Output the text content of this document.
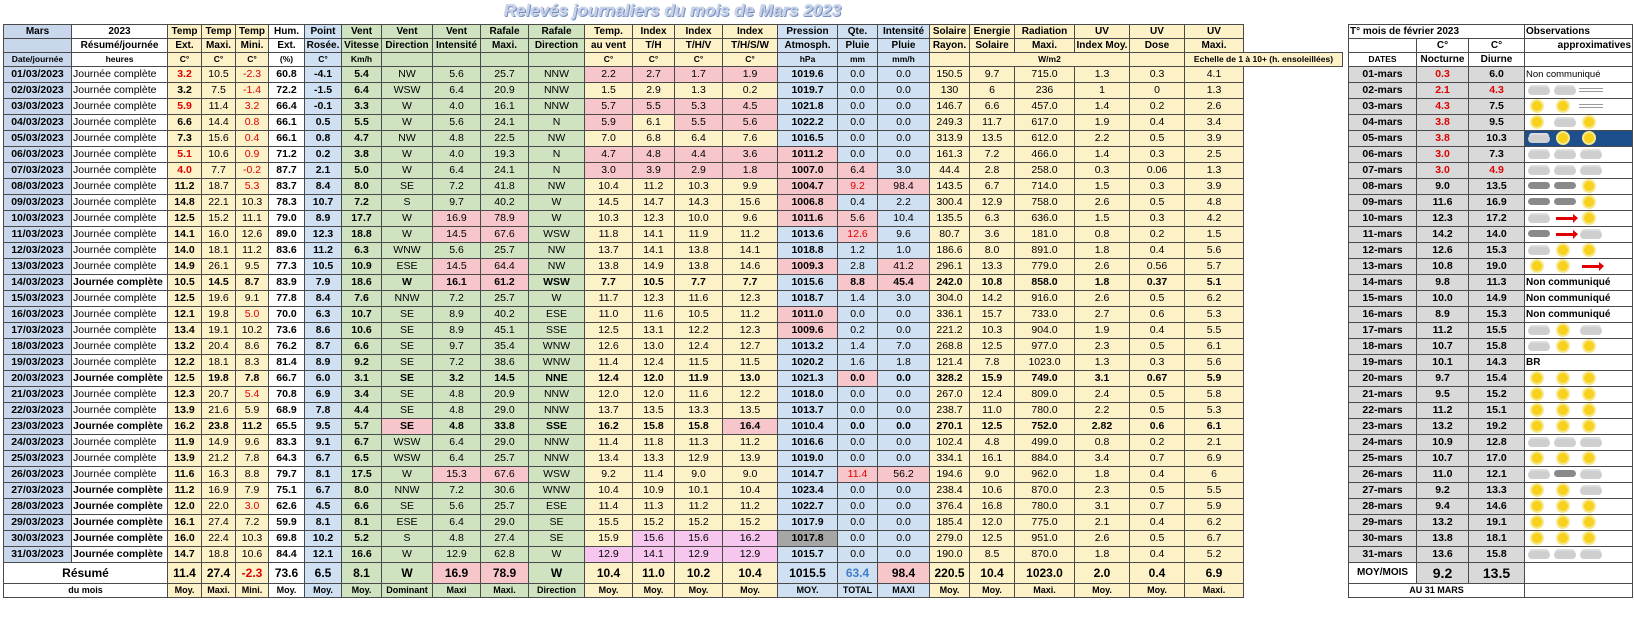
Relevés journaliers du mois de Mars 2023
Mars	2023	Temp	Temp	Temp	Hum.	Point	Vent	Vent	Vent	Rafale	Rafale	Temp.	Index	Index	Index	Pression	Qte.	Intensité	Solaire	Energie	Radiation	UV	UV	UV
	Résumé/journée	Ext.	Maxi.	Mini.	Ext.	Rosée.	Vitesse	Direction	Intensité	Maxi.	Direction	au vent	T/H	T/H/V	T/H/S/W	Atmosph.	Pluie	Pluie	Rayon.	Solaire	Maxi.	Index Moy.	Dose	Maxi.
Date/journée	heures	C°	C°	C°	(%)	C°	Km/h					C°	C°	C°	C°	hPa	mm	mm/h		W/m2				Echelle de 1 à 10+ (h. ensoleillées)
01/03/2023	Journée complète	3.2	10.5	-2.3	60.8	-4.1	5.4	NW	5.6	25.7	NNW	2.2	2.7	1.7	1.9	1019.6	0.0	0.0	150.5	9.7	715.0	1.3	0.3	4.1
02/03/2023	Journée complète	3.2	7.5	-1.4	72.2	-1.5	6.4	WSW	6.4	20.9	NNW	1.5	2.9	1.3	0.2	1019.7	0.0	0.0	130	6	236	1	0	1.3
03/03/2023	Journée complète	5.9	11.4	3.2	66.4	-0.1	3.3	W	4.0	16.1	NNW	5.7	5.5	5.3	4.5	1021.8	0.0	0.0	146.7	6.6	457.0	1.4	0.2	2.6
04/03/2023	Journée complète	6.6	14.4	0.8	66.1	0.5	5.5	W	5.6	24.1	N	5.9	6.1	5.5	5.6	1022.2	0.0	0.0	249.3	11.7	617.0	1.9	0.4	3.4
05/03/2023	Journée complète	7.3	15.6	0.4	66.1	0.8	4.7	NW	4.8	22.5	NW	7.0	6.8	6.4	7.6	1016.5	0.0	0.0	313.9	13.5	612.0	2.2	0.5	3.9
06/03/2023	Journée complète	5.1	10.6	0.9	71.2	0.2	3.8	W	4.0	19.3	N	4.7	4.8	4.4	3.6	1011.2	0.0	0.0	161.3	7.2	466.0	1.4	0.3	2.5
07/03/2023	Journée complète	4.0	7.7	-0.2	87.7	2.1	5.0	W	6.4	24.1	N	3.0	3.9	2.9	1.8	1007.0	6.4	3.0	44.4	2.8	258.0	0.3	0.06	1.3
08/03/2023	Journée complète	11.2	18.7	5.3	83.7	8.4	8.0	SE	7.2	41.8	NW	10.4	11.2	10.3	9.9	1004.7	9.2	98.4	143.5	6.7	714.0	1.5	0.3	3.9
09/03/2023	Journée complète	14.8	22.1	10.3	78.3	10.7	7.2	S	9.7	40.2	W	14.5	14.7	14.3	15.6	1006.8	0.4	2.2	300.4	12.9	758.0	2.6	0.5	4.8
10/03/2023	Journée complète	12.5	15.2	11.1	79.0	8.9	17.7	W	16.9	78.9	W	10.3	12.3	10.0	9.6	1011.6	5.6	10.4	135.5	6.3	636.0	1.5	0.3	4.2
11/03/2023	Journée complète	14.1	16.0	12.6	89.0	12.3	18.8	W	14.5	67.6	WSW	11.8	14.1	11.9	11.2	1013.6	12.6	9.6	80.7	3.6	181.0	0.8	0.2	1.5
12/03/2023	Journée complète	14.0	18.1	11.2	83.6	11.2	6.3	WNW	5.6	25.7	NW	13.7	14.1	13.8	14.1	1018.8	1.2	1.0	186.6	8.0	891.0	1.8	0.4	5.6
13/03/2023	Journée complète	14.9	26.1	9.5	77.3	10.5	10.9	ESE	14.5	64.4	NW	13.8	14.9	13.8	14.6	1009.3	2.8	41.2	296.1	13.3	779.0	2.6	0.56	5.7
14/03/2023	Journée complète	10.5	14.5	8.7	83.9	7.9	18.6	W	16.1	61.2	WSW	7.7	10.5	7.7	7.7	1015.6	8.8	45.4	242.0	10.8	858.0	1.8	0.37	5.1
15/03/2023	Journée complète	12.5	19.6	9.1	77.8	8.4	7.6	NNW	7.2	25.7	W	11.7	12.3	11.6	12.3	1018.7	1.4	3.0	304.0	14.2	916.0	2.6	0.5	6.2
16/03/2023	Journée complète	12.1	19.8	5.0	70.0	6.3	10.7	SE	8.9	40.2	ESE	11.0	11.6	10.5	11.2	1011.0	0.0	0.0	336.1	15.7	733.0	2.7	0.6	5.3
17/03/2023	Journée complète	13.4	19.1	10.2	73.6	8.6	10.6	SE	8.9	45.1	SSE	12.5	13.1	12.2	12.3	1009.6	0.2	0.0	221.2	10.3	904.0	1.9	0.4	5.5
18/03/2023	Journée complète	13.2	20.4	8.6	76.2	8.7	6.6	SE	9.7	35.4	WNW	12.6	13.0	12.4	12.7	1013.2	1.4	7.0	268.8	12.5	977.0	2.3	0.5	6.1
19/03/2023	Journée complète	12.2	18.1	8.3	81.4	8.9	9.2	SE	7.2	38.6	WNW	11.4	12.4	11.5	11.5	1020.2	1.6	1.8	121.4	7.8	1023.0	1.3	0.3	5.6
20/03/2023	Journée complète	12.5	19.8	7.8	66.7	6.0	3.1	SE	3.2	14.5	NNE	12.4	12.0	11.9	13.0	1021.3	0.0	0.0	328.2	15.9	749.0	3.1	0.67	5.9
21/03/2023	Journée complète	12.3	20.7	5.4	70.8	6.9	3.4	SE	4.8	20.9	NNW	12.0	12.0	11.6	12.2	1018.0	0.0	0.0	267.0	12.4	809.0	2.4	0.5	5.8
22/03/2023	Journée complète	13.9	21.6	5.9	68.9	7.8	4.4	SE	4.8	29.0	NNW	13.7	13.5	13.3	13.5	1013.7	0.0	0.0	238.7	11.0	780.0	2.2	0.5	5.3
23/03/2023	Journée complète	16.2	23.8	11.2	65.5	9.5	5.7	SE	4.8	33.8	SSE	16.2	15.8	15.8	16.4	1010.4	0.0	0.0	270.1	12.5	752.0	2.82	0.6	6.1
24/03/2023	Journée complète	11.9	14.9	9.6	83.3	9.1	6.7	WSW	6.4	29.0	NNW	11.4	11.8	11.3	11.2	1016.6	0.0	0.0	102.4	4.8	499.0	0.8	0.2	2.1
25/03/2023	Journée complète	13.9	21.2	7.8	64.3	6.7	6.5	WSW	6.4	25.7	NNW	13.4	13.3	12.9	13.9	1019.0	0.0	0.0	334.1	16.1	884.0	3.4	0.7	6.9
26/03/2023	Journée complète	11.6	16.3	8.8	79.7	8.1	17.5	W	15.3	67.6	WSW	9.2	11.4	9.0	9.0	1014.7	11.4	56.2	194.6	9.0	962.0	1.8	0.4	6
27/03/2023	Journée complète	11.2	16.9	7.9	75.1	6.7	8.0	NNW	7.2	30.6	WNW	10.4	10.9	10.1	10.4	1023.4	0.0	0.0	238.4	10.6	870.0	2.3	0.5	5.5
28/03/2023	Journée complète	12.0	22.0	3.0	62.6	4.5	6.6	SE	5.6	25.7	ESE	11.4	11.3	11.2	11.2	1022.7	0.0	0.0	376.4	16.8	780.0	3.1	0.7	5.9
29/03/2023	Journée complète	16.1	27.4	7.2	59.9	8.1	8.1	ESE	6.4	29.0	SE	15.5	15.2	15.2	15.2	1017.9	0.0	0.0	185.4	12.0	775.0	2.1	0.4	6.2
30/03/2023	Journée complète	16.0	22.4	10.3	69.8	10.2	5.2	S	4.8	27.4	SE	15.9	15.6	15.6	16.2	1017.8	0.0	0.0	279.0	12.5	951.0	2.6	0.5	6.7
31/03/2023	Journée complète	14.7	18.8	10.6	84.4	12.1	16.6	W	12.9	62.8	W	12.9	14.1	12.9	12.9	1015.7	0.0	0.0	190.0	8.5	870.0	1.8	0.4	5.2
Résumé		11.4	27.4	-2.3	73.6	6.5	8.1	W	16.9	78.9	W	10.4	11.0	10.2	10.4	1015.5	63.4	98.4	220.5	10.4	1023.0	2.0	0.4	6.9
du mois		Moy.	Maxi.	Mini.	Moy.	Moy.	Moy.	Dominant	Maxi	Maxi.	Direction	Moy.	Moy.	Moy.	Moy.	MOY.	TOTAL	MAXI	Moy.	Moy.	Maxi.	Moy.	Moy.	Maxi.
T° mois de février 2023			Observations
	C°	C°	approximatives
DATES	Nocturne	Diurne	
01-mars	0.3	6.0	Non communiqué
02-mars	2.1	4.3	

03-mars	4.3	7.5	

04-mars	3.8	9.5	

05-mars	3.8	10.3	

06-mars	3.0	7.3	

07-mars	3.0	4.9	

08-mars	9.0	13.5	

09-mars	11.6	16.9	

10-mars	12.3	17.2	

11-mars	14.2	14.0	

12-mars	12.6	15.3	

13-mars	10.8	19.0	

14-mars	9.8	11.3	Non communiqué
15-mars	10.0	14.9	Non communiqué
16-mars	8.9	15.3	Non communiqué
17-mars	11.2	15.5	

18-mars	10.7	15.8	

19-mars	10.1	14.3	BR
20-mars	9.7	15.4	

21-mars	9.5	15.2	

22-mars	11.2	15.1	

23-mars	13.2	19.2	

24-mars	10.9	12.8	

25-mars	10.7	17.0	

26-mars	11.0	12.1	

27-mars	9.2	13.3	

28-mars	9.4	14.6	

29-mars	13.2	19.1	

30-mars	13.8	18.1	

31-mars	13.6	15.8	

MOY/MOIS	9.2	13.5	
AU 31 MARS			
